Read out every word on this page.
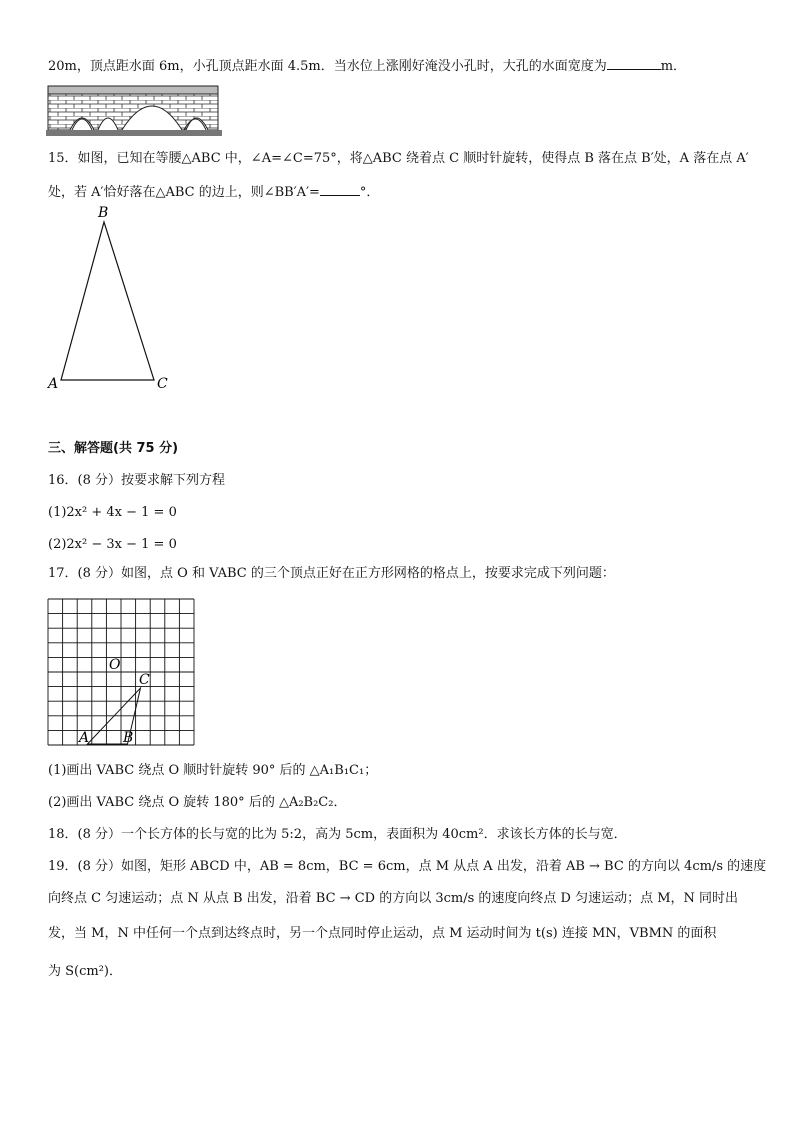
20m，顶点距水面 6m，小孔顶点距水面 4.5m．当水位上涨刚好淹没小孔时，大孔的水面宽度为	m．
15．如图，已知在等腰△ABC 中，∠A=∠C=75°，将△ABC 绕着点 C 顺时针旋转，使得点 B 落在点 B′处，A 落在点 A′
处，若 A′恰好落在△ABC 的边上，则∠BB′A′=	°．
B
A	C
三、解答题(共 75 分)
16．(8 分）按要求解下列方程
(1)2x² + 4x − 1 = 0
(2)2x² − 3x − 1 = 0
17．(8 分）如图，点 O 和 VABC 的三个顶点正好在正方形网格的格点上，按要求完成下列问题：
O
C
A B
(1)画出 VABC 绕点 O 顺时针旋转 90° 后的 △A₁B₁C₁；
(2)画出 VABC 绕点 O 旋转 180° 后的 △A₂B₂C₂．
18．(8 分）一个长方体的长与宽的比为 5:2，高为 5cm，表面积为 40cm²．求该长方体的长与宽．
19．(8 分）如图，矩形 ABCD 中，AB = 8cm，BC = 6cm，点 M 从点 A 出发，沿着 AB → BC 的方向以 4cm/s 的速度
向终点 C 匀速运动；点 N 从点 B 出发，沿着 BC → CD 的方向以 3cm/s 的速度向终点 D 匀速运动；点 M，N 同时出
发，当 M，N 中任何一个点到达终点时，另一个点同时停止运动，点 M 运动时间为 t(s) 连接 MN，VBMN 的面积
为 S(cm²)．
